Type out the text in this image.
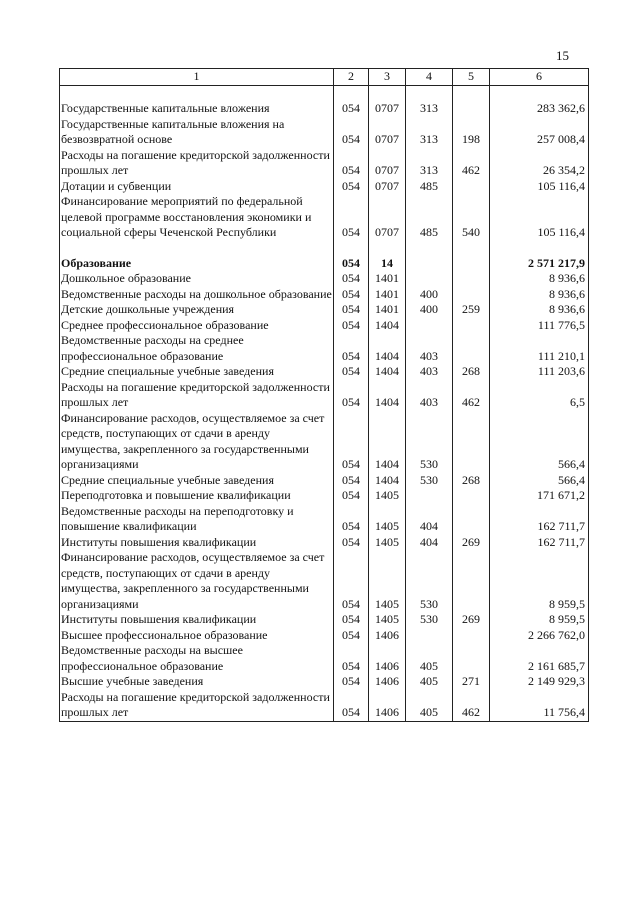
15
1	2	3	4	5	6

Государственные капитальные вложения	054	0707	313		283 362,6
Государственные капитальные вложения на безвозвратной основе	054	0707	313	198	257 008,4
Расходы на погашение кредиторской задолженности прошлых лет	054	0707	313	462	26 354,2
Дотации и субвенции	054	0707	485		105 116,4
Финансирование мероприятий по федеральной целевой программе восстановления экономики и социальной сферы Чеченской Республики	054	0707	485	540	105 116,4

Образование	054	14			2 571 217,9
Дошкольное образование	054	1401			8 936,6
Ведомственные расходы на дошкольное образование	054	1401	400		8 936,6
Детские дошкольные учреждения	054	1401	400	259	8 936,6
Среднее профессиональное образование	054	1404			111 776,5
Ведомственные расходы на среднее профессиональное образование	054	1404	403		111 210,1
Средние специальные учебные заведения	054	1404	403	268	111 203,6
Расходы на погашение кредиторской задолженности прошлых лет	054	1404	403	462	6,5
Финансирование расходов, осуществляемое за счет средств, поступающих от сдачи в аренду имущества, закрепленного за государственными организациями	054	1404	530		566,4
Средние специальные учебные заведения	054	1404	530	268	566,4
Переподготовка и повышение квалификации	054	1405			171 671,2
Ведомственные расходы на переподготовку и повышение квалификации	054	1405	404		162 711,7
Институты повышения квалификации	054	1405	404	269	162 711,7
Финансирование расходов, осуществляемое за счет средств, поступающих от сдачи в аренду имущества, закрепленного за государственными организациями	054	1405	530		8 959,5
Институты повышения квалификации	054	1405	530	269	8 959,5
Высшее профессиональное образование	054	1406			2 266 762,0
Ведомственные расходы на высшее профессиональное образование	054	1406	405		2 161 685,7
Высшие учебные заведения	054	1406	405	271	2 149 929,3
Расходы на погашение кредиторской задолженности прошлых лет	054	1406	405	462	11 756,4
